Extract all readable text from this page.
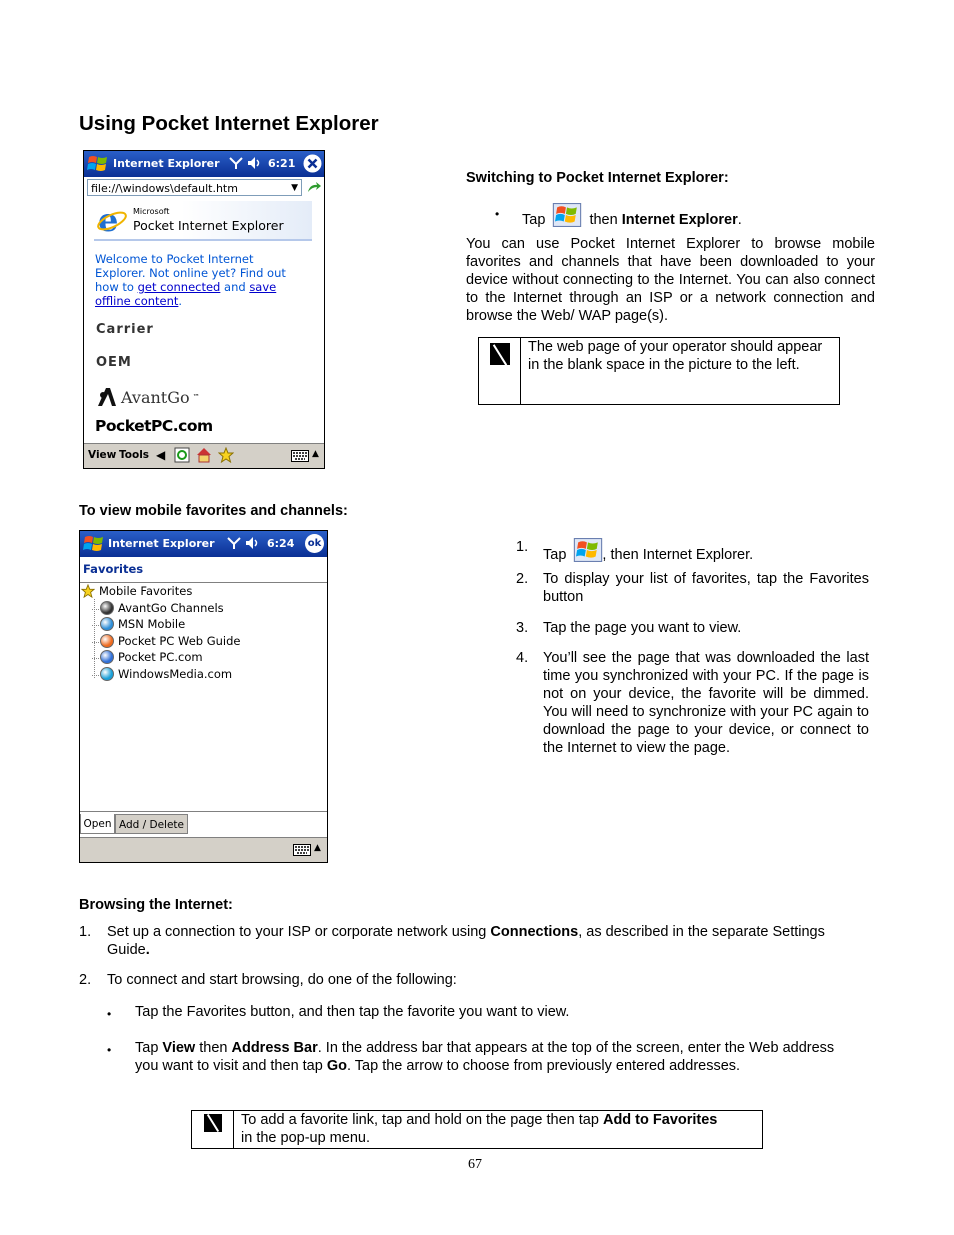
Using Pocket Internet Explorer
Internet Explorer	6:21
file://\windows\default.htm	▼
e Microsoft
Pocket Internet Explorer
Welcome to Pocket Internet
Explorer. Not online yet? Find out
how to get connected and save
offline content.
Carrier
OEM
AvantGo ™
PocketPC.com
View Tools ◀	▲
Switching to Pocket Internet Explorer:
• Tap	then Internet Explorer.
You can use Pocket Internet Explorer to browse mobile favorites and channels that have been downloaded to your device without connecting to the Internet. You can also connect to the Internet through an ISP or a network connection and browse the Web/ WAP page(s).
The web page of your operator should appear in the blank space in the picture to the left.
To view mobile favorites and channels:
Internet Explorer	6:24 ok
Favorites
Mobile Favorites
AvantGo Channels
MSN Mobile
Pocket PC Web Guide
Pocket PC.com
WindowsMedia.com
Open Add / Delete
▲
1. Tap , then Internet Explorer.
2. To display your list of favorites, tap the Favorites button
3. Tap the page you want to view.
4. You’ll see the page that was downloaded the last time you synchronized with your PC. If the page is not on your device, the favorite will be dimmed. You will need to synchronize with your PC again to download the page to your device, or connect to the Internet to view the page.
Browsing the Internet:
1. Set up a connection to your ISP or corporate network using Connections, as described in the separate Settings
Guide.
2. To connect and start browsing, do one of the following:
• Tap the Favorites button, and then tap the favorite you want to view.
• Tap View then Address Bar. In the address bar that appears at the top of the screen, enter the Web address
you want to visit and then tap Go. Tap the arrow to choose from previously entered addresses.
To add a favorite link, tap and hold on the page then tap Add to Favorites
in the pop-up menu.
67
